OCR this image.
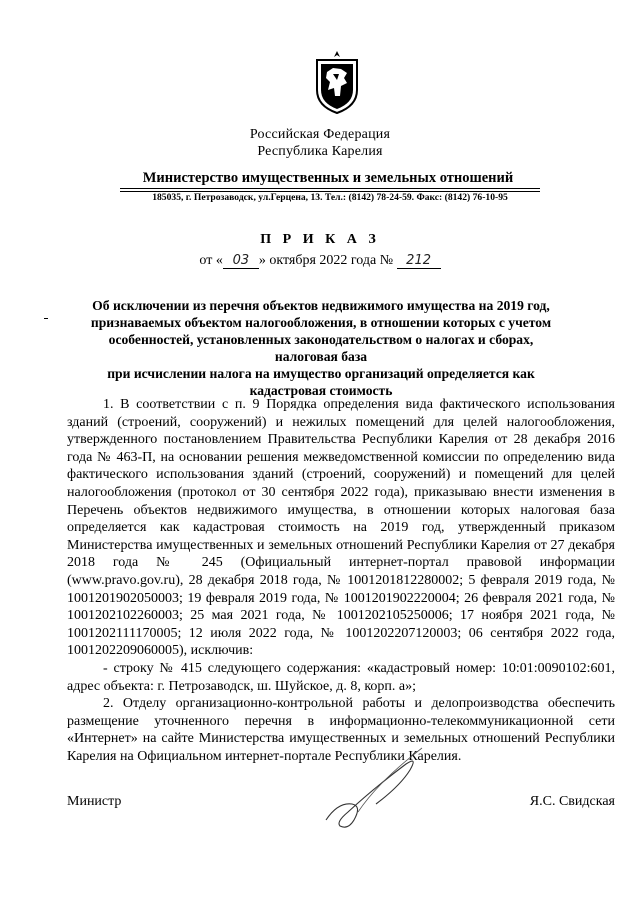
Российская Федерация
Республика Карелия
Министерство имущественных и земельных отношений
185035, г. Петрозаводск, ул.Герцена, 13. Тел.: (8142) 78-24-59. Факс: (8142) 76-10-95
П Р И К А З
от « 03 » октября 2022 года № 212
Об исключении из перечня объектов недвижимого имущества на 2019 год,
признаваемых объектом налогообложения, в отношении которых с учетом
особенностей, установленных законодательством о налогах и сборах, налоговая база
при исчислении налога на имущество организаций определяется как
кадастровая стоимость

1. В соответствии с п. 9 Порядка определения вида фактического использования зданий (строений, сооружений) и нежилых помещений для целей налогообложения, утвержденного постановлением Правительства Республики Карелия от 28 декабря 2016 года № 463-П, на основании решения межведомственной комиссии по определению вида фактического использования зданий (строений, сооружений) и помещений для целей налогообложения (протокол от 30 сентября 2022 года), приказываю внести изменения в Перечень объектов недвижимого имущества, в отношении которых налоговая база определяется как кадастровая стоимость на 2019 год, утвержденный приказом Министерства имущественных и земельных отношений Республики Карелия от 27 декабря 2018 года № 245 (Официальный интернет-портал правовой информации (www.pravo.gov.ru), 28 декабря 2018 года, № 1001201812280002; 5 февраля 2019 года, № 1001201902050003; 19 февраля 2019 года, № 1001201902220004; 26 февраля 2021 года, № 1001202102260003; 25 мая 2021 года, № 1001202105250006; 17 ноября 2021 года, № 1001202111170005; 12 июля 2022 года, № 1001202207120003; 06 сентября 2022 года, 1001202209060005), исключив:

- строку № 415 следующего содержания: «кадастровый номер: 10:01:0090102:601, адрес объекта: г. Петрозаводск, ш. Шуйское, д. 8, корп. а»;

2. Отделу организационно-контрольной работы и делопроизводства обеспечить размещение уточненного перечня в информационно-телекоммуникационной сети «Интернет» на сайте Министерства имущественных и земельных отношений Республики Карелия на Официальном интернет-портале Республики Карелия.

Министр	Я.С. Свидская
